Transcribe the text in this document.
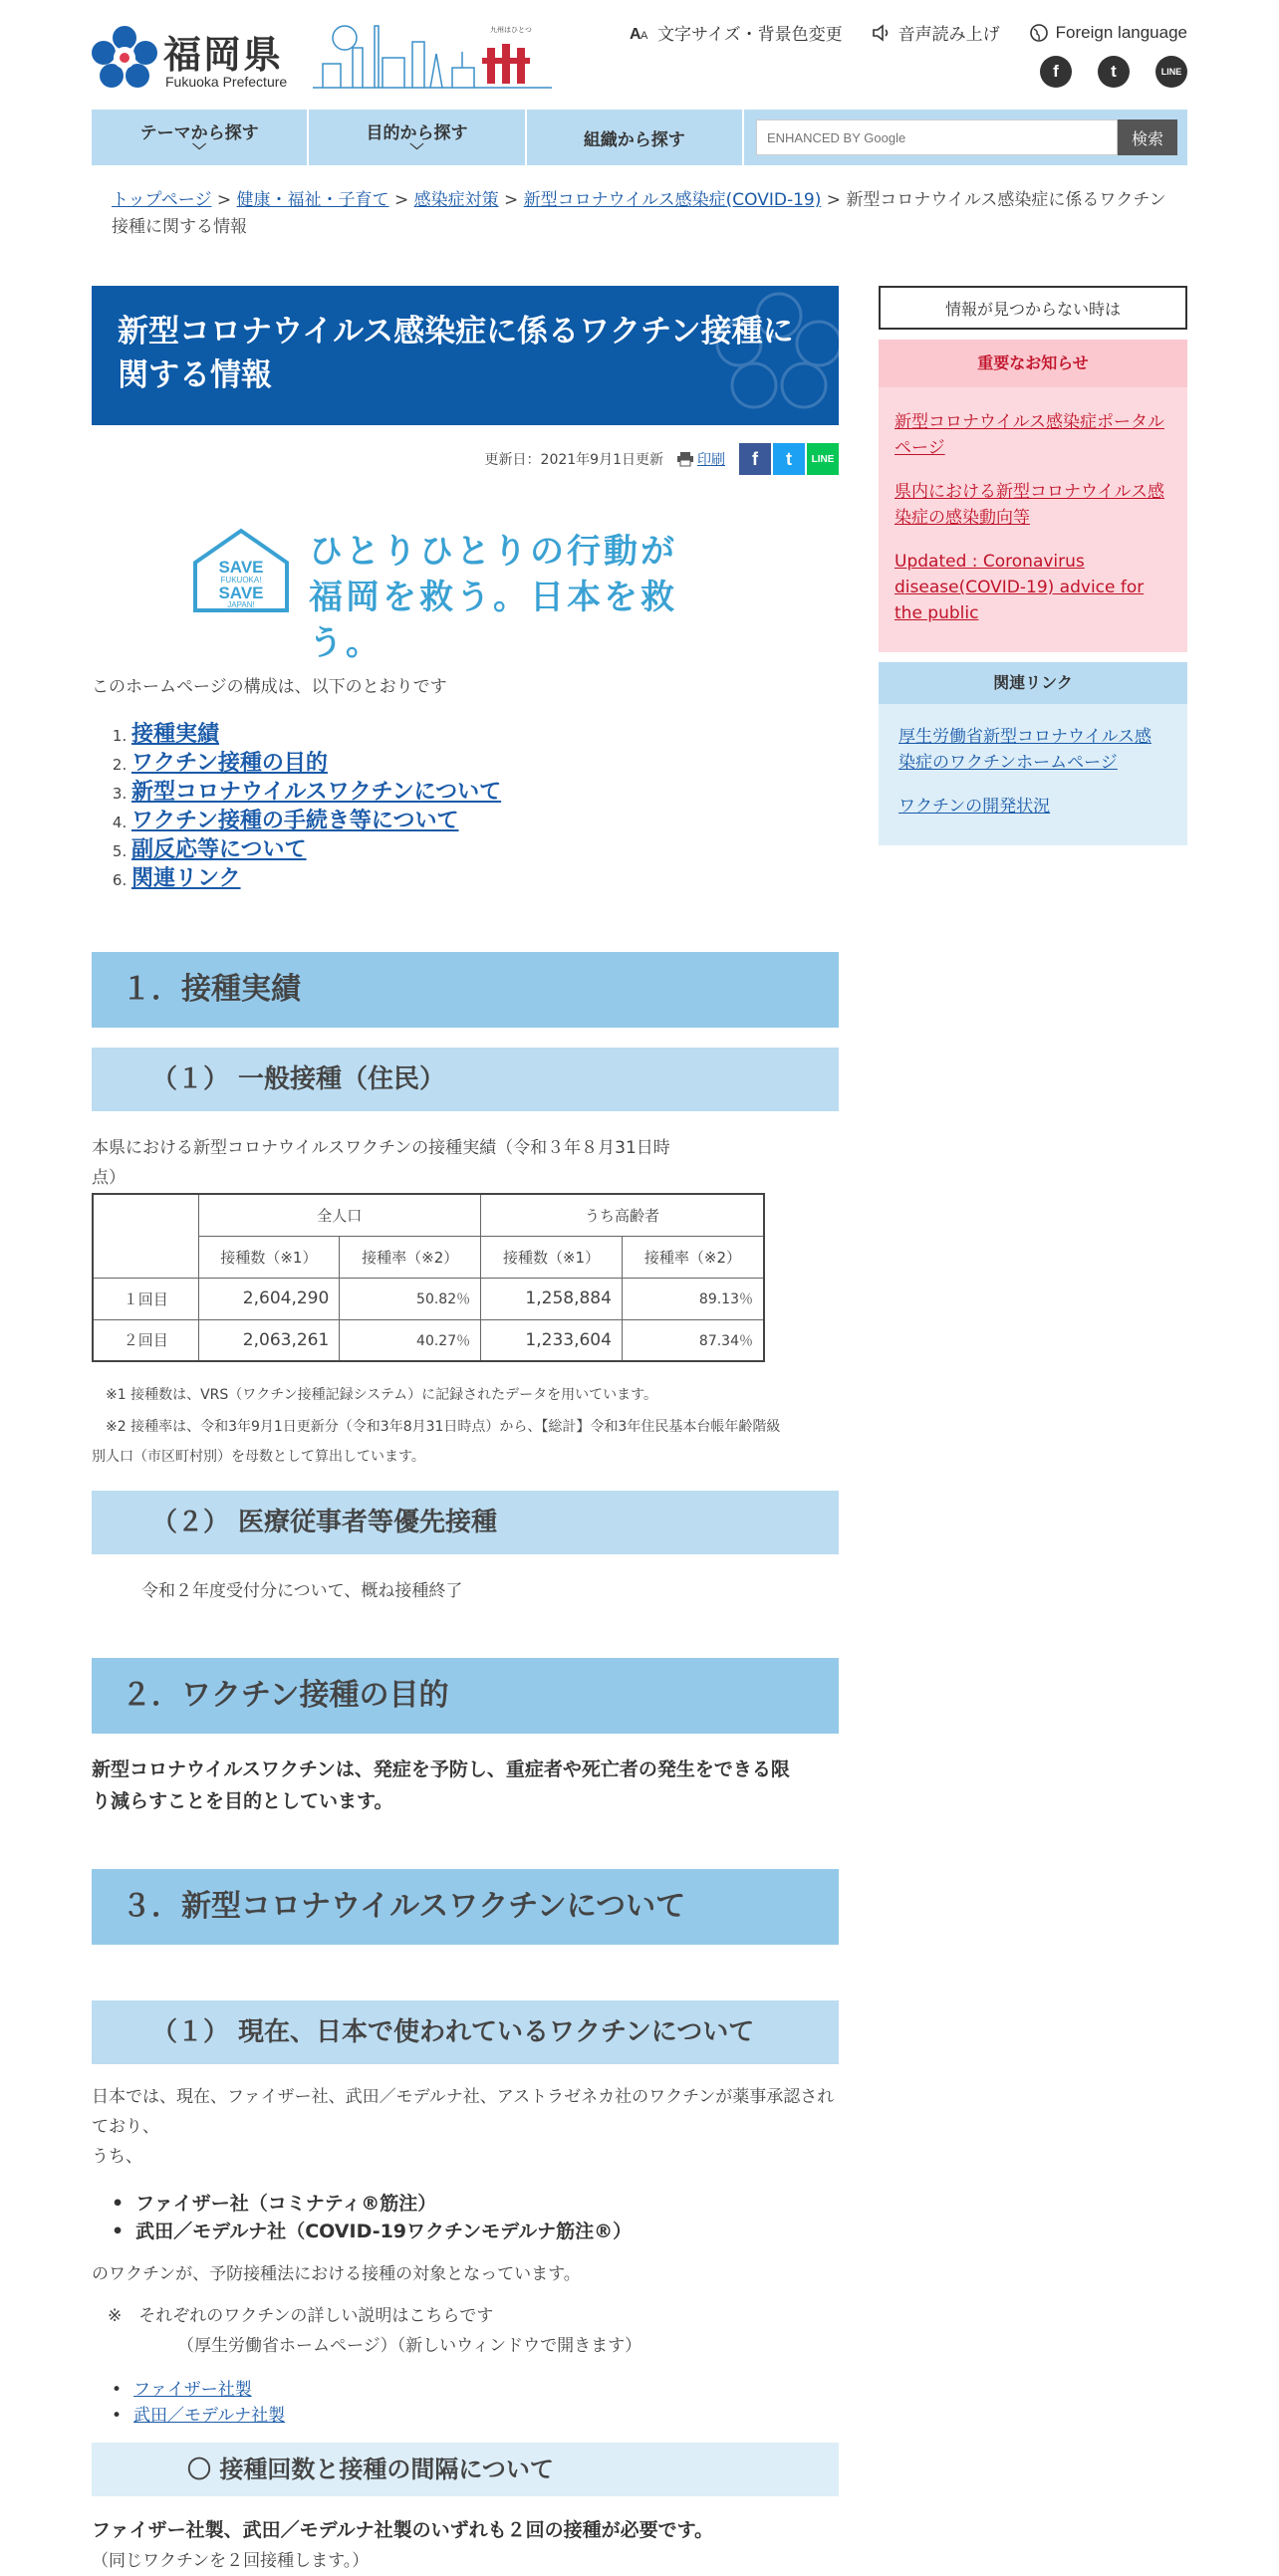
福岡県
Fukuoka Prefecture
九州はひとつ	A A 文字サイズ・背景色変更	音声読み上げ	Foreign language
f	t	LINE
テーマから探す
﹀
目的から探す
﹀
組織から探す
ENHANCED BY Google	検索
トップページ > 健康・福祉・子育て > 感染症対策 > 新型コロナウイルス感染症(COVID-19) > 新型コロナウイルス感染症に係るワクチン接種に関する情報
新型コロナウイルス感染症に係るワクチン接種に関する情報
更新日：2021年9月1日更新 印刷	f	t	LINE
SAVE
FUKUOKA!
SAVE
JAPAN!
ひとりひとりの行動が
福岡を救う。日本を救う。

このホームページの構成は、以下のとおりです

1. 接種実績
2. ワクチン接種の目的
3. 新型コロナウイルスワクチンについて
4. ワクチン接種の手続き等について
5. 副反応等について
6. 関連リンク
１．接種実績
（１） 一般接種（住民）

本県における新型コロナウイルスワクチンの接種実績（令和３年８月31日時
点）

	全人口		うち高齢者	
	接種数（※1）	接種率（※2）	接種数（※1）	接種率（※2）
１回目	2,604,290	50.82％	1,258,884	89.13％
２回目	2,063,261	40.27％	1,233,604	87.34％
※1 接種数は、VRS（ワクチン接種記録システム）に記録されたデータを用いています。
※2 接種率は、令和3年9月1日更新分（令和3年8月31日時点）から、【総計】令和3年住民基本台帳年齢階級
別人口（市区町村別）を母数として算出しています。
（２） 医療従事者等優先接種

令和２年度受付分について、概ね接種終了

２．ワクチン接種の目的

新型コロナウイルスワクチンは、発症を予防し、重症者や死亡者の発生をできる限
り減らすことを目的としています。

３．新型コロナウイルスワクチンについて
（１） 現在、日本で使われているワクチンについて

日本では、現在、ファイザー社、武田／モデルナ社、アストラゼネカ社のワクチンが薬事承認されており、
うち、

• ファイザー社（コミナティ®筋注）
• 武田／モデルナ社（COVID-19ワクチンモデルナ筋注®）

のワクチンが、予防接種法における接種の対象となっています。

※　それぞれのワクチンの詳しい説明はこちらです
（厚生労働省ホームページ）（新しいウィンドウで開きます）

• ファイザー社製
• 武田／モデルナ社製
〇 接種回数と接種の間隔について

ファイザー社製、武田／モデルナ社製のいずれも２回の接種が必要です。

（同じワクチンを２回接種します。）

情報が見つからない時は
重要なお知らせ
新型コロナウイルス感染症ポータルページ
県内における新型コロナウイルス感染症の感染動向等
Updated : Coronavirus disease(COVID-19) advice for the public
関連リンク
厚生労働省新型コロナウイルス感染症のワクチンホームページ
ワクチンの開発状況
